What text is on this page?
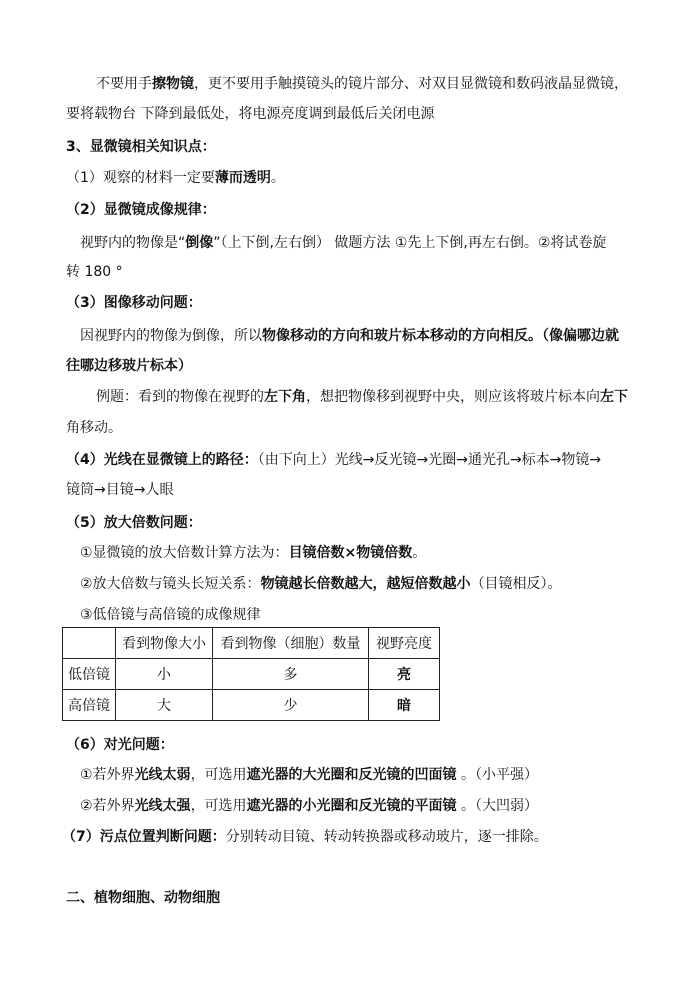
不要用手擦物镜，更不要用手触摸镜头的镜片部分、对双目显微镜和数码液晶显微镜，
要将载物台 下降到最低处，将电源亮度调到最低后关闭电源
3、显微镜相关知识点：
（1）观察的材料一定要薄而透明。
（2）显微镜成像规律：
视野内的物像是“倒像”（上下倒,左右倒） 做题方法 ①先上下倒,再左右倒。②将试卷旋
转 180 °
（3）图像移动问题：
因视野内的物像为倒像，所以物像移动的方向和玻片标本移动的方向相反。（像偏哪边就
往哪边移玻片标本）
例题：看到的物像在视野的左下角，想把物像移到视野中央，则应该将玻片标本向左下
角移动。
（4）光线在显微镜上的路径：（由下向上）光线→反光镜→光圈→通光孔→标本→物镜→
镜筒→目镜→人眼
（5）放大倍数问题：
①显微镜的放大倍数计算方法为：目镜倍数×物镜倍数。
②放大倍数与镜头长短关系：物镜越长倍数越大，越短倍数越小（目镜相反）。
③低倍镜与高倍镜的成像规律
	看到物像大小	看到物像（细胞）数量	视野亮度
低倍镜	小	多	亮
高倍镜	大	少	暗
（6）对光问题：
①若外界光线太弱，可选用遮光器的大光圈和反光镜的凹面镜 。（小平强）
②若外界光线太强，可选用遮光器的小光圈和反光镜的平面镜 。（大凹弱）
（7）污点位置判断问题：分别转动目镜、转动转换器或移动玻片，逐一排除。
二、植物细胞、动物细胞
